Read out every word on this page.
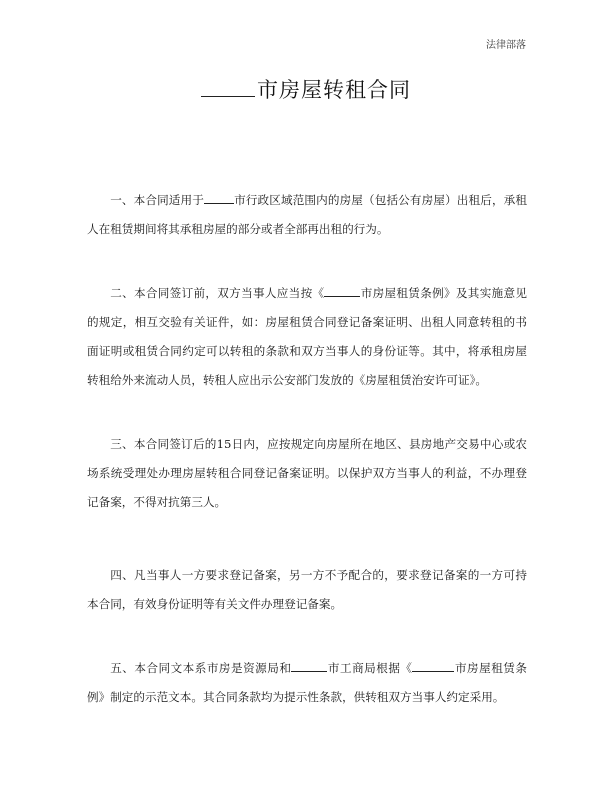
法律部落
市房屋转租合同

一、本合同适用于	市行政区域范围内的房屋（包括公有房屋）出租后，承租人在租赁期间将其承租房屋的部分或者全部再出租的行为。

二、本合同签订前，双方当事人应当按《	市房屋租赁条例》及其实施意见的规定，相互交验有关证件，如：房屋租赁合同登记备案证明、出租人同意转租的书面证明或租赁合同约定可以转租的条款和双方当事人的身份证等。其中，将承租房屋转租给外来流动人员，转租人应出示公安部门发放的《房屋租赁治安许可证》。

三、本合同签订后的15日内，应按规定向房屋所在地区、县房地产交易中心或农场系统受理处办理房屋转租合同登记备案证明。以保护双方当事人的利益，不办理登记备案，不得对抗第三人。

四、凡当事人一方要求登记备案，另一方不予配合的，要求登记备案的一方可持本合同，有效身份证明等有关文件办理登记备案。

五、本合同文本系市房是资源局和	市工商局根据《	市房屋租赁条例》制定的示范文本。其合同条款均为提示性条款，供转租双方当事人约定采用。
